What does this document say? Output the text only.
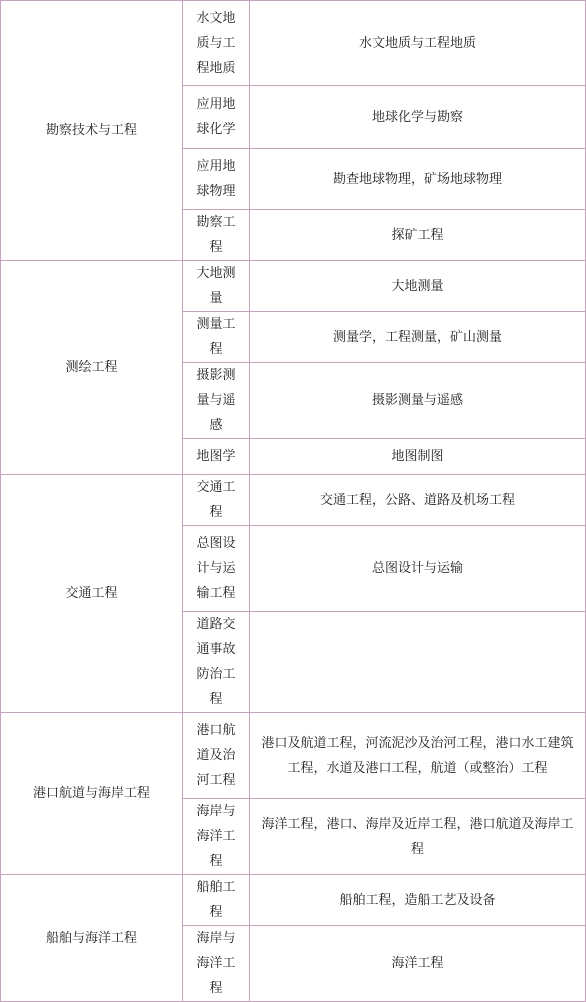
勘察技术与工程	水文地质与工程地质	水文地质与工程地质
	应用地球化学	地球化学与勘察
	应用地球物理	勘查地球物理，矿场地球物理
	勘察工程	探矿工程
测绘工程	大地测量	大地测量
	测量工程	测量学，工程测量，矿山测量
	摄影测量与遥感	摄影测量与遥感
	地图学	地图制图
交通工程	交通工程	交通工程，公路、道路及机场工程
	总图设计与运输工程	总图设计与运输
	道路交通事故防治工程	
港口航道与海岸工程	港口航道及治河工程	港口及航道工程，河流泥沙及治河工程，港口水工建筑工程，水道及港口工程，航道（或整治）工程
	海岸与海洋工程	海洋工程，港口、海岸及近岸工程，港口航道及海岸工程
船舶与海洋工程	船舶工程	船舶工程，造船工艺及设备
	海岸与海洋工程	海洋工程
